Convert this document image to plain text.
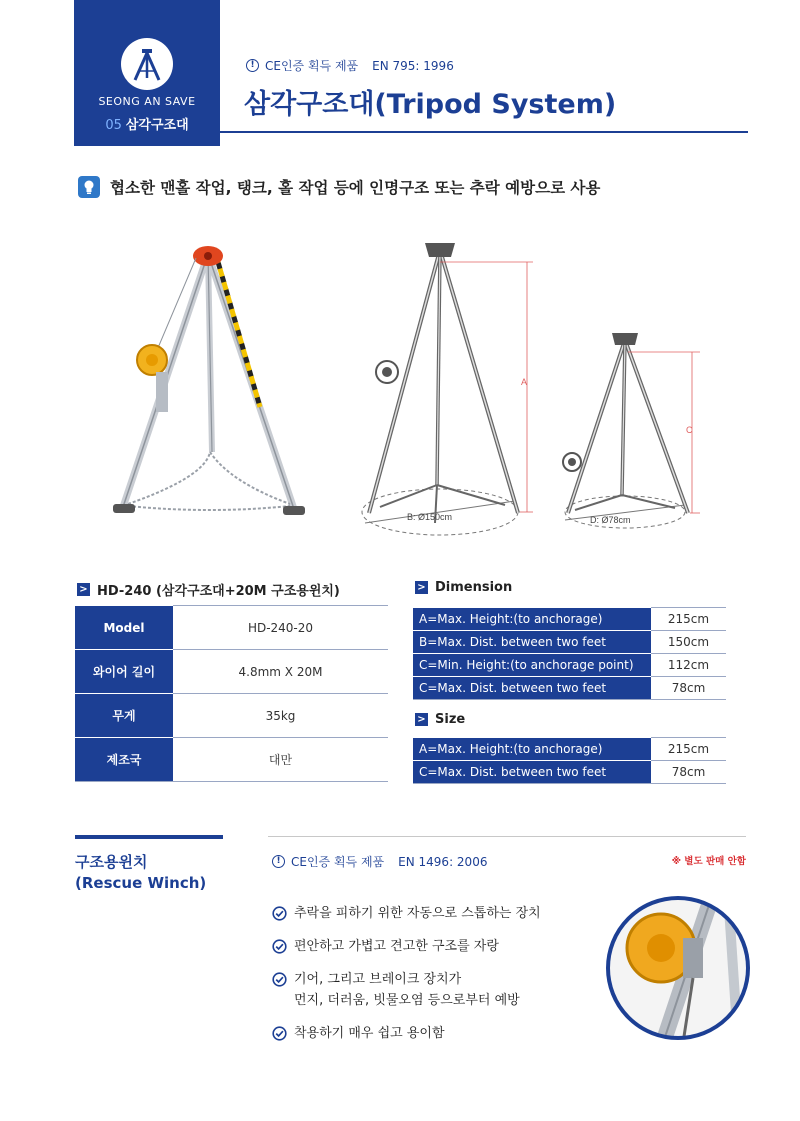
SEONG AN SAVE
05 삼각구조대
! CE인증 획득 제품 EN 795: 1996
삼각구조대(Tripod System)
협소한 맨홀 작업, 탱크, 홀 작업 등에 인명구조 또는 추락 예방으로 사용
A
B: Ø150cm
C
D: Ø78cm
> HD-240 (삼각구조대+20M 구조용윈치)
Model	HD-240-20
와이어 길이	4.8mm X 20M
무게	35kg
제조국	대만
> Dimension
A=Max. Height:(to anchorage)	215cm
B=Max. Dist. between two feet	150cm
C=Min. Height:(to anchorage point)	112cm
C=Max. Dist. between two feet	78cm
> Size
A=Max. Height:(to anchorage)	215cm
C=Max. Dist. between two feet	78cm
구조용윈치
(Rescue Winch)
! CE인증 획득 제품 EN 1496: 2006	※ 별도 판매 안함
추락을 피하기 위한 자동으로 스톱하는 장치
편안하고 가볍고 견고한 구조를 자랑
기어, 그리고 브레이크 장치가
먼지, 더러움, 빗물오염 등으로부터 예방
착용하기 매우 쉽고 용이함
